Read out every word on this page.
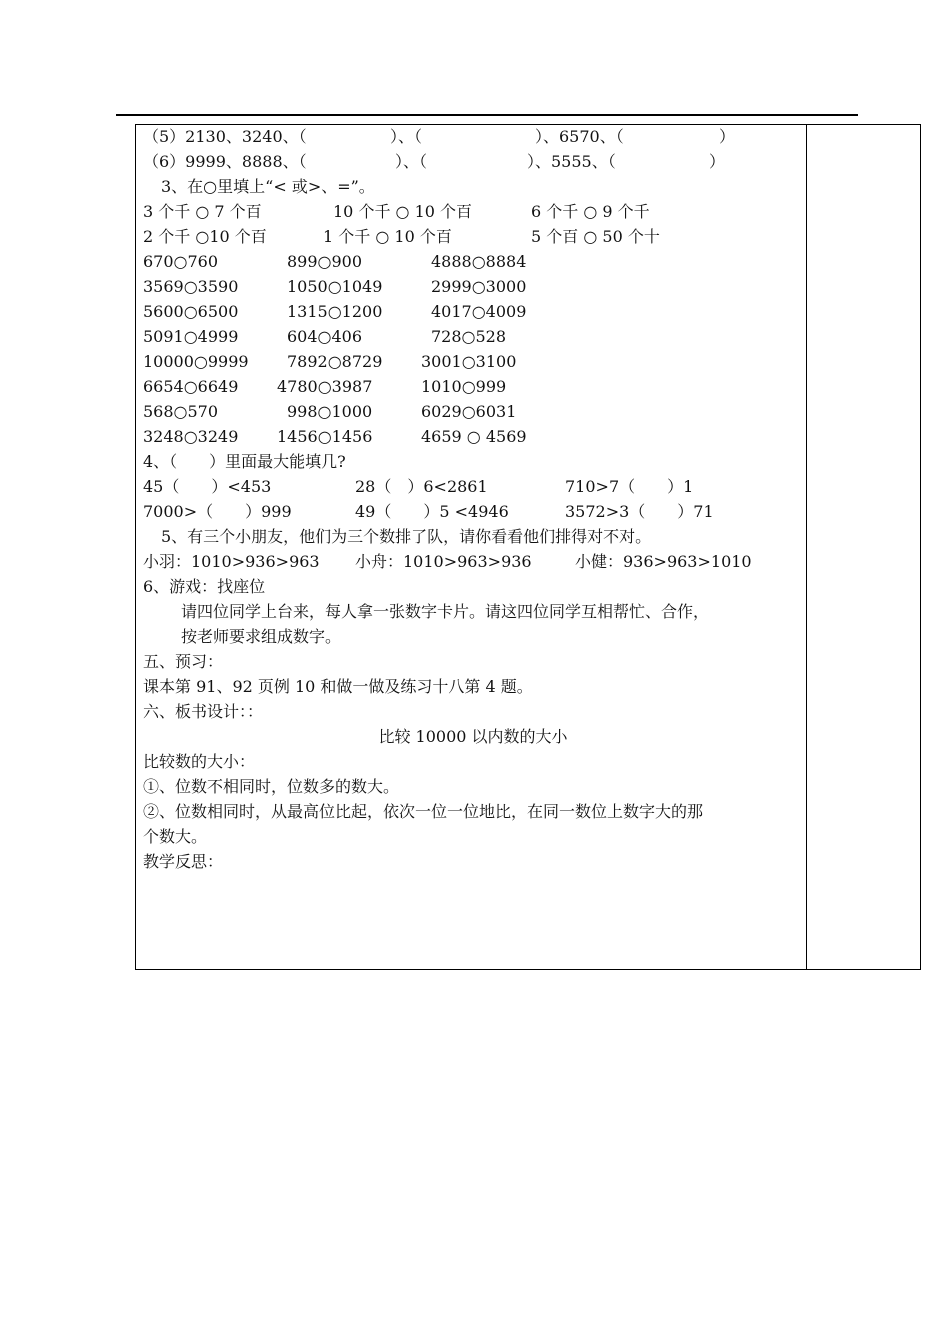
（5）2130、3240、（	）、（	）、6570、（	）
（6）9999、8888、（	）、（	）、5555、（	）
3、在○里填上“< 或>、=”。
3 个千 ○ 7 个百	10 个千 ○ 10 个百	6 个千 ○ 9 个千
2 个千 ○10 个百	1 个千 ○ 10 个百	5 个百 ○ 50 个十
670○760	899○900	4888○8884
3569○3590	1050○1049	2999○3000
5600○6500	1315○1200	4017○4009
5091○4999	604○406	728○528
10000○9999 7892○8729 3001○3100
6654○6649 4780○3987	1010○999
568○570	998○1000	6029○6031
3248○3249 1456○1456	4659 ○ 4569
4、（　　）里面最大能填几?
45（　　）<453	28（　）6<2861	710>7（　　）1
7000>（　　）999	49（　　）5 <4946	3572>3（　　）71
5、有三个小朋友，他们为三个数排了队，请你看看他们排得对不对。
小羽：1010>936>963 小舟：1010>963>936	小健：936>963>1010
6、游戏：找座位
请四位同学上台来，每人拿一张数字卡片。请这四位同学互相帮忙、合作，
按老师要求组成数字。
五、预习：
课本第 91、92 页例 10 和做一做及练习十八第 4 题。
六、板书设计：：
比较 10000 以内数的大小
比较数的大小：
①、位数不相同时，位数多的数大。
②、位数相同时，从最高位比起，依次一位一位地比，在同一数位上数字大的那
个数大。
教学反思：
